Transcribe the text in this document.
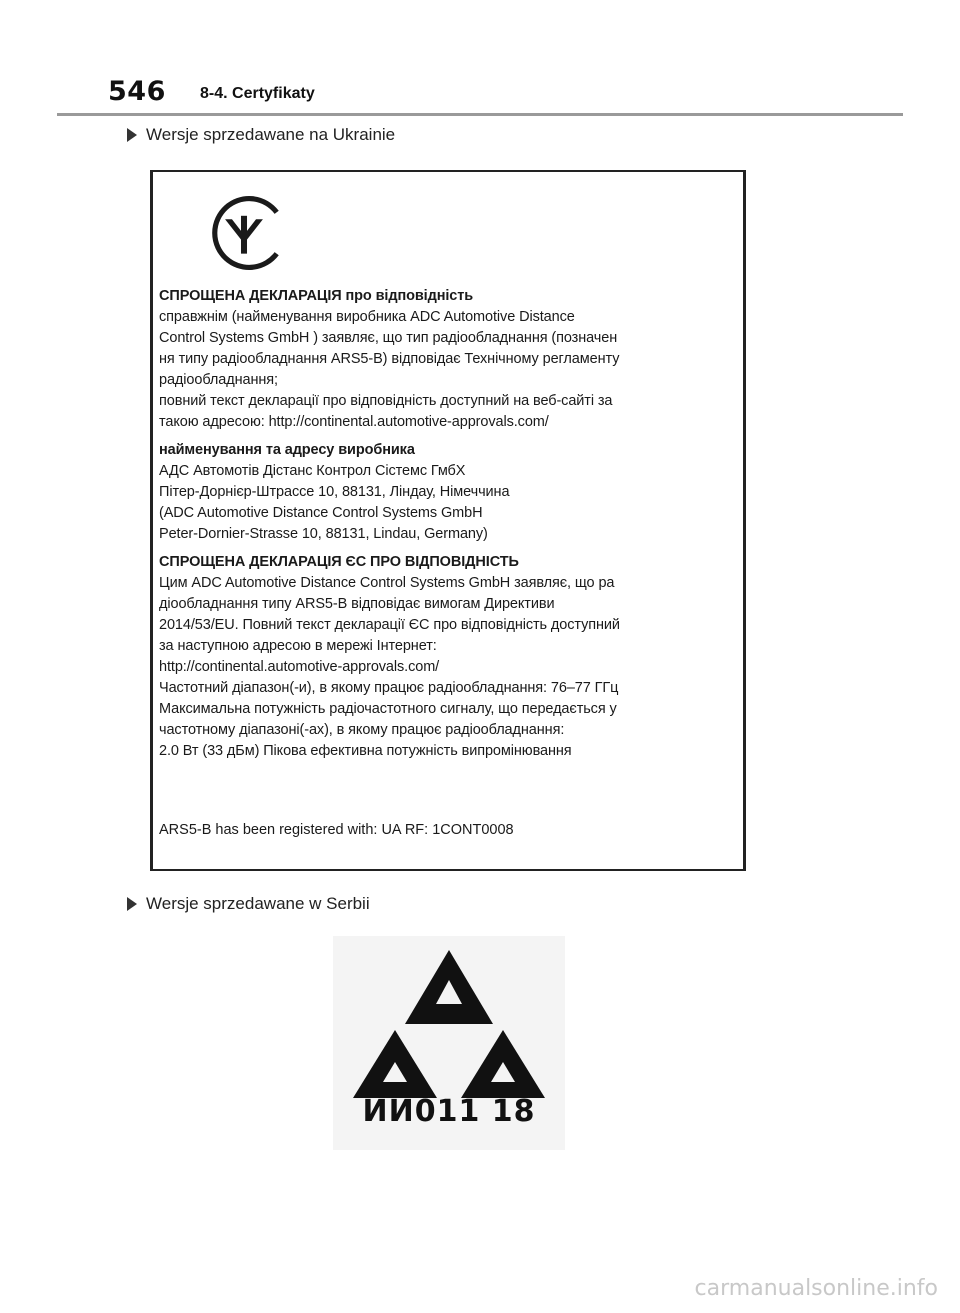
546 8-4. Certyfikaty
Wersje sprzedawane na Ukrainie
СПРОЩЕНА ДЕКЛАРАЦІЯ про відповідність
справжнім (найменування виробника ADC Automotive Distance
Control Systems GmbH ) заявляє, що тип радіообладнання (позначен
ня типу радіообладнання ARS5-B) відповідає Технічному регламенту
радіообладнання;
повний текст декларації про відповідність доступний на веб-сайті за
такою адресою: http://continental.automotive-approvals.com/
найменування та адресу виробника
АДС Автомотів Дістанс Контрол Сістемс ГмбХ
Пітер-Дорнієр-Штрассе 10, 88131, Ліндау, Німеччина
(ADC Automotive Distance Control Systems GmbH
Peter-Dornier-Strasse 10, 88131, Lindau, Germany)
СПРОЩЕНА ДЕКЛАРАЦІЯ ЄС ПРО ВІДПОВІДНІСТЬ
Цим ADC Automotive Distance Control Systems GmbH заявляє, що ра
діообладнання типу ARS5-B відповідає вимогам Директиви
2014/53/EU. Повний текст декларації ЄС про відповідність доступний
за наступною адресою в мережі Інтернет:
http://continental.automotive-approvals.com/
Частотний діапазон(-и), в якому працює радіообладнання: 76–77 ГГц
Максимальна потужність радіочастотного сигналу, що передається у
частотному діапазоні(-ах), в якому працює радіообладнання:
2.0 Вт (33 дБм) Пікова ефективна потужність випромінювання
ARS5-B has been registered with: UA RF: 1CONT0008
Wersje sprzedawane w Serbii
ИИ011 18
carmanualsonline.info
